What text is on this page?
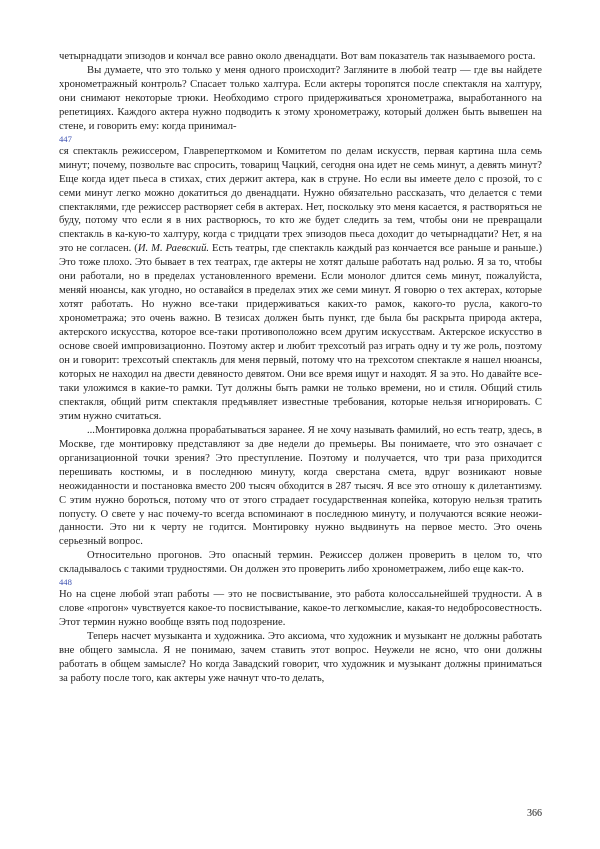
четырнадцати эпизодов и кончал все равно около двенадцати. Вот вам показатель так называемого роста.

Вы думаете, что это только у меня одного происходит? Загляните в любой театр — где вы найдете хронометражный контроль? Спасает только халтура. Если актеры торопятся после спектакля на халтуру, они снимают некоторые трюки. Необходимо строго придерживаться хронометража, выработанного на репетициях. Каждого актера нужно подводить к этому хронометражу, который должен быть вывешен на стене, и говорить ему: когда принимал-

447

ся спектакль режиссером, Главреперткомом и Комитетом по делам искусств, первая картина шла семь минут; почему, позвольте вас спросить, товарищ Чацкий, сегодня она идет не семь минут, а девять минут? Еще когда идет пьеса в стихах, стих держит актера, как в струне. Но если вы имеете дело с прозой, то с семи минут легко можно докатиться до двенадцати. Нужно обязательно рассказать, что делается с теми спектаклями, где режиссер растворяет себя в актерах. Нет, поскольку это меня касается, я растворяться не буду, потому что если я в них растворюсь, то кто же будет следить за тем, чтобы они не превращали спектакль в ка-кую-то халтуру, когда с тридцати трех эпизодов пьеса доходит до четырнадцати? Нет, я на это не согласен. (И. М. Раевский. Есть театры, где спектакль каждый раз кончается все раньше и раньше.) Это тоже плохо. Это бывает в тех театрах, где актеры не хотят дальше работать над ролью. Я за то, чтобы они работали, но в пределах установленного времени. Если монолог длится семь минут, пожалуйста, меняй нюансы, как угодно, но оставайся в пределах этих же семи минут. Я говорю о тех актерах, которые хотят работать. Но нужно все-таки придерживаться каких-то рамок, какого-то русла, какого-то хронометража; это очень важно. В тезисах должен быть пункт, где была бы раскрыта природа актера, актерского искусства, которое все-таки противоположно всем другим искусствам. Актерское искусство в основе своей импровизационно. Поэтому актер и любит трехсотый раз играть одну и ту же роль, поэтому он и говорит: трехсотый спектакль для меня первый, потому что на трехсотом спектакле я нашел нюансы, которых не находил на двести девяносто девятом. Они все время ищут и находят. Я за это. Но давайте все-таки уложимся в какие-то рамки. Тут должны быть рамки не только времени, но и стиля. Общий стиль спектакля, общий ритм спектакля предъявляет известные требования, которые нельзя игнорировать. С этим нужно считаться.

...Монтировка должна прорабатываться заранее. Я не хочу называть фамилий, но есть театр, здесь, в Москве, где монтировку представляют за две недели до премьеры. Вы понимаете, что это означает с организационной точки зрения? Это преступление. Поэтому и получается, что три раза приходится перешивать костюмы, и в последнюю минуту, когда сверстана смета, вдруг возникают новые неожиданности и постановка вместо 200 тысяч обходится в 287 тысяч. Я все это отношу к дилетантизму. С этим нужно бороться, потому что от этого страдает государственная копейка, которую нельзя тратить попусту. О свете у нас почему-то всегда вспоминают в последнюю минуту, и получаются всякие неожи-данности. Это ни к черту не годится. Монтировку нужно выдвинуть на первое место. Это очень серьезный вопрос.

Относительно прогонов. Это опасный термин. Режиссер должен проверить в целом то, что складывалось с такими трудностями. Он должен это проверить либо хронометражем, либо еще как-то.

448

Но на сцене любой этап работы — это не посвистывание, это работа колоссальнейшей трудности. А в слове «прогон» чувствуется какое-то посвистывание, какое-то легкомыслие, какая-то недобросовестность. Этот термин нужно вообще взять под подозрение.

Теперь насчет музыканта и художника. Это аксиома, что художник и музыкант не должны работать вне общего замысла. Я не понимаю, зачем ставить этот вопрос. Неужели не ясно, что они должны работать в общем замысле? Но когда Завадский говорит, что художник и музыкант должны приниматься за работу после того, как актеры уже начнут что-то делать,

366
